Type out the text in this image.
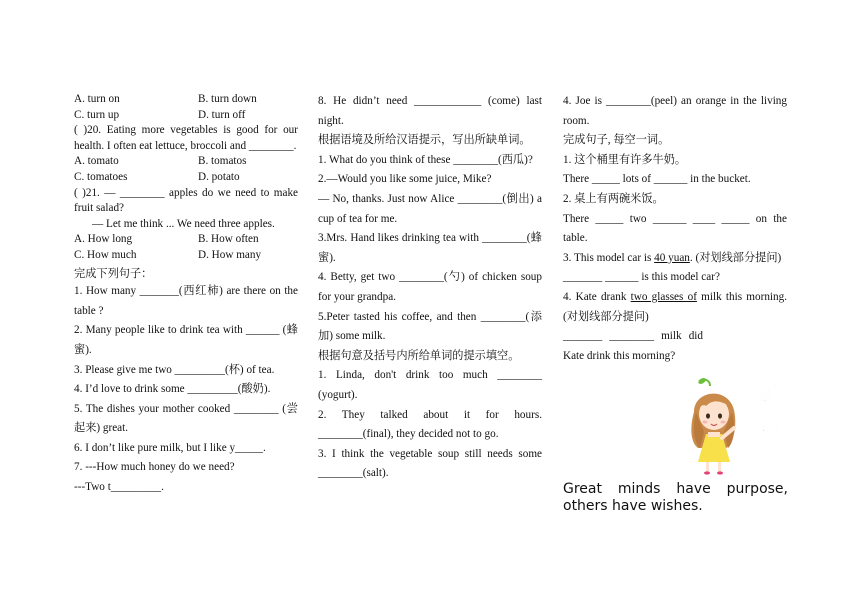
A. turn on	B. turn down
C. turn up	D. turn off
( )20. Eating more vegetables is good for our health. I often eat lettuce, broccoli and ________.
A. tomato	B. tomatos
C. tomatoes	D. potato
( )21. — ________ apples do we need to make fruit salad?
— Let me think ... We need three apples.
A. How long	B. How often
C. How much	D. How many
完成下列句子：
1. How many _______(西红柿) are there on the table ?
2. Many people like to drink tea with ______ (蜂蜜).
3. Please give me two _________(杯) of tea.
4. I’d love to drink some _________(酸奶).
5. The dishes your mother cooked ________ (尝起来) great.
6. I don’t like pure milk, but I like y_____.
7. ---How much honey do we need?
---Two t_________.
8. He didn’t need ____________ (come) last night.
根据语境及所给汉语提示，写出所缺单词。
1. What do you think of these ________(西瓜)?
2.—Would you like some juice, Mike?
— No, thanks. Just now Alice ________(倒出) a cup of tea for me.
3.Mrs. Hand likes drinking tea with ________(蜂蜜).
4. Betty, get two ________(勺) of chicken soup for your grandpa.
5.Peter tasted his coffee, and then ________(添加) some milk.
根据句意及括号内所给单词的提示填空。
1. Linda, don't drink too much ________ (yogurt).
2. They talked about it for hours. ________(final), they decided not to go.
3. I think the vegetable soup still needs some ________(salt).
4. Joe is ________(peel) an orange in the living room.
完成句子, 每空一词。
1. 这个桶里有许多牛奶。
There _____ lots of ______ in the bucket.
2. 桌上有两碗米饭。
There _____ two ______ ____ _____ on the table.
3. This model car is 40 yuan. (对划线部分提问)
_______ ______ is this model car?
4. Kate drank two glasses of milk this morning. (对划线部分提问)
_______ ________ milk did Kate drink this morning?
加
油
Great minds have purpose,
others have wishes.
